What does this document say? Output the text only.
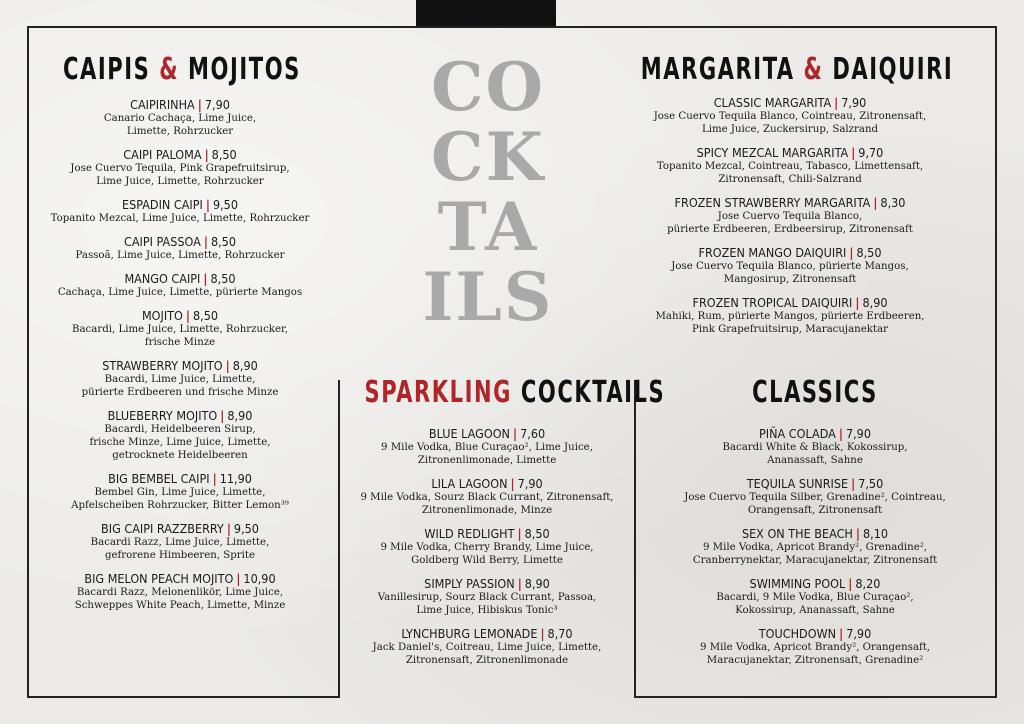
CO
CK
TA
ILS
CAIPIS & MOJITOS	MARGARITA & DAIQUIRI
SPARKLING COCKTAILS	CLASSICS
CAIPIRINHA | 7,90
Canario Cachaça, Lime Juice,
Limette, Rohrzucker
CAIPI PALOMA | 8,50
Jose Cuervo Tequila, Pink Grapefruitsirup,
Lime Juice, Limette, Rohrzucker
ESPADIN CAIPI | 9,50
Topanito Mezcal, Lime Juice, Limette, Rohrzucker
CAIPI PASSOA | 8,50
Passoã, Lime Juice, Limette, Rohrzucker
MANGO CAIPI | 8,50
Cachaça, Lime Juice, Limette, pürierte Mangos
MOJITO | 8,50
Bacardi, Lime Juice, Limette, Rohrzucker,
frische Minze
STRAWBERRY MOJITO | 8,90
Bacardi, Lime Juice, Limette,
pürierte Erdbeeren und frische Minze
BLUEBERRY MOJITO | 8,90
Bacardi, Heidelbeeren Sirup,
frische Minze, Lime Juice, Limette,
getrocknete Heidelbeeren
BIG BEMBEL CAIPI | 11,90
Bembel Gin, Lime Juice, Limette,
Apfelscheiben Rohrzucker, Bitter Lemon³⁹
BIG CAIPI RAZZBERRY | 9,50
Bacardi Razz, Lime Juice, Limette,
gefrorene Himbeeren, Sprite
BIG MELON PEACH MOJITO | 10,90
Bacardi Razz, Melonenlikör, Lime Juice,
Schweppes White Peach, Limette, Minze
CLASSIC MARGARITA | 7,90
Jose Cuervo Tequila Blanco, Cointreau, Zitronensaft,
Lime Juice, Zuckersirup, Salzrand
SPICY MEZCAL MARGARITA | 9,70
Topanito Mezcal, Cointreau, Tabasco, Limettensaft,
Zitronensaft, Chili-Salzrand
FROZEN STRAWBERRY MARGARITA | 8,30
Jose Cuervo Tequila Blanco,
pürierte Erdbeeren, Erdbeersirup, Zitronensaft
FROZEN MANGO DAIQUIRI | 8,50
Jose Cuervo Tequila Blanco, pürierte Mangos,
Mangosirup, Zitronensaft
FROZEN TROPICAL DAIQUIRI | 8,90
Mahiki, Rum, pürierte Mangos, pürierte Erdbeeren,
Pink Grapefruitsirup, Maracujanektar
BLUE LAGOON | 7,60
9 Mile Vodka, Blue Curaçao², Lime Juice,
Zitronenlimonade, Limette
LILA LAGOON | 7,90
9 Mile Vodka, Sourz Black Currant, Zitronensaft,
Zitronenlimonade, Minze
WILD REDLIGHT | 8,50
9 Mile Vodka, Cherry Brandy, Lime Juice,
Goldberg Wild Berry, Limette
SIMPLY PASSION | 8,90
Vanillesirup, Sourz Black Currant, Passoa,
Lime Juice, Hibiskus Tonic³
LYNCHBURG LEMONADE | 8,70
Jack Daniel's, Coitreau, Lime Juice, Limette,
Zitronensaft, Zitronenlimonade
PIÑA COLADA | 7,90
Bacardi White & Black, Kokossirup,
Ananassaft, Sahne
TEQUILA SUNRISE | 7,50
Jose Cuervo Tequila Silber, Grenadine², Cointreau,
Orangensaft, Zitronensaft
SEX ON THE BEACH | 8,10
9 Mile Vodka, Apricot Brandy², Grenadine²,
Cranberrynektar, Maracujanektar, Zitronensaft
SWIMMING POOL | 8,20
Bacardi, 9 Mile Vodka, Blue Curaçao²,
Kokossirup, Ananassaft, Sahne
TOUCHDOWN | 7,90
9 Mile Vodka, Apricot Brandy², Orangensaft,
Maracujanektar, Zitronensaft, Grenadine²
